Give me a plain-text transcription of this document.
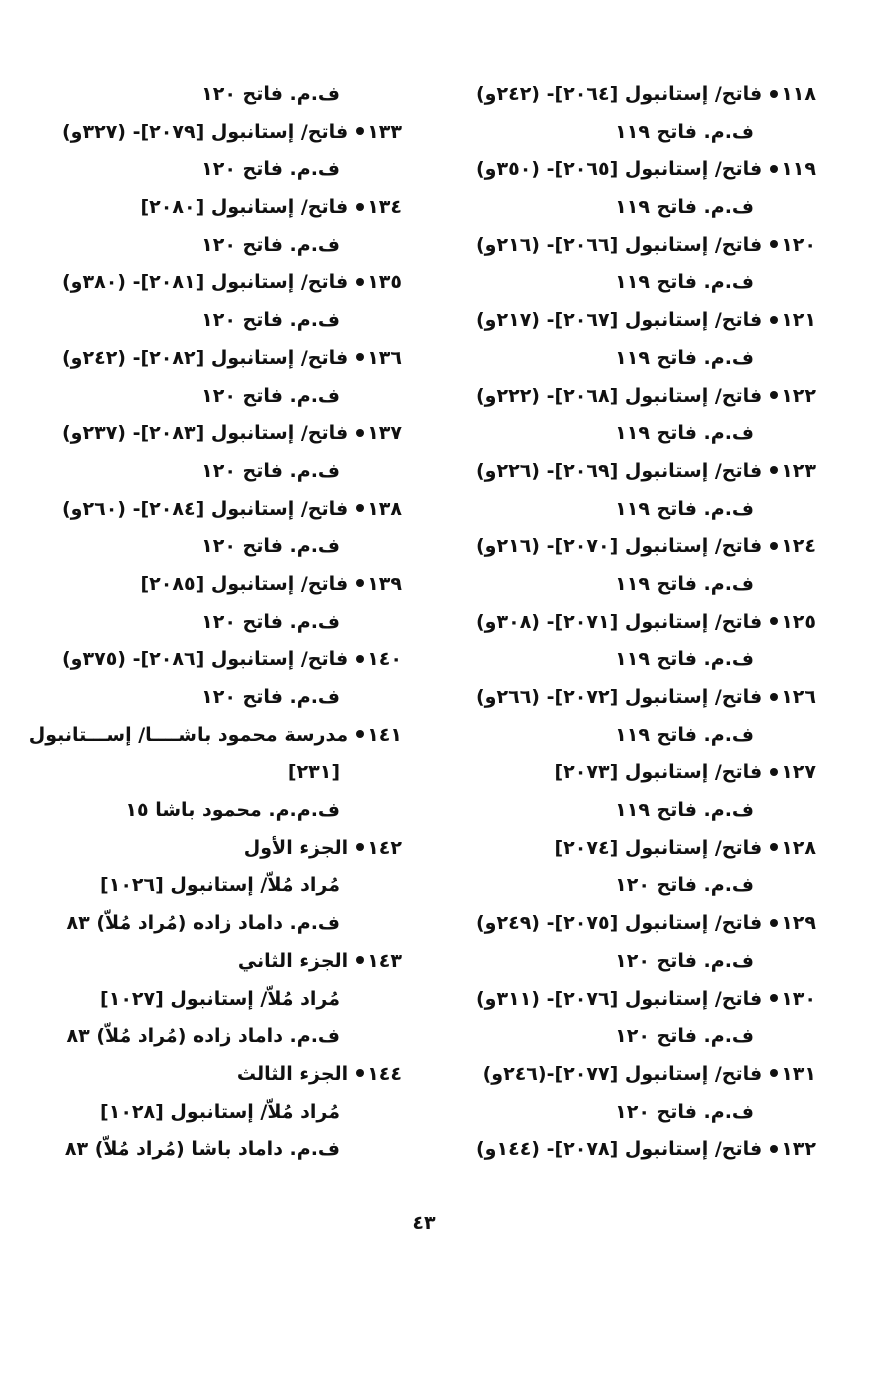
١١٨فاتح/ إستانبول [٢٠٦٤]- (٢٤٢و)
ف.م. فاتح ١١٩
١١٩فاتح/ إستانبول [٢٠٦٥]- (٣٥٠و)
ف.م. فاتح ١١٩
١٢٠فاتح/ إستانبول [٢٠٦٦]- (٢١٦و)
ف.م. فاتح ١١٩
١٢١فاتح/ إستانبول [٢٠٦٧]- (٢١٧و)
ف.م. فاتح ١١٩
١٢٢فاتح/ إستانبول [٢٠٦٨]- (٢٢٢و)
ف.م. فاتح ١١٩
١٢٣فاتح/ إستانبول [٢٠٦٩]- (٢٢٦و)
ف.م. فاتح ١١٩
١٢٤فاتح/ إستانبول [٢٠٧٠]- (٢١٦و)
ف.م. فاتح ١١٩
١٢٥فاتح/ إستانبول [٢٠٧١]- (٣٠٨و)
ف.م. فاتح ١١٩
١٢٦فاتح/ إستانبول [٢٠٧٢]- (٢٦٦و)
ف.م. فاتح ١١٩
١٢٧فاتح/ إستانبول [٢٠٧٣]
ف.م. فاتح ١١٩
١٢٨فاتح/ إستانبول [٢٠٧٤]
ف.م. فاتح ١٢٠
١٢٩فاتح/ إستانبول [٢٠٧٥]- (٢٤٩و)
ف.م. فاتح ١٢٠
١٣٠فاتح/ إستانبول [٢٠٧٦]- (٣١١و)
ف.م. فاتح ١٢٠
١٣١فاتح/ إستانبول [٢٠٧٧]-(٢٤٦و)
ف.م. فاتح ١٢٠
١٣٢فاتح/ إستانبول [٢٠٧٨]- (١٤٤و)
ف.م. فاتح ١٢٠
١٣٣فاتح/ إستانبول [٢٠٧٩]- (٣٢٧و)
ف.م. فاتح ١٢٠
١٣٤فاتح/ إستانبول [٢٠٨٠]
ف.م. فاتح ١٢٠
١٣٥فاتح/ إستانبول [٢٠٨١]- (٣٨٠و)
ف.م. فاتح ١٢٠
١٣٦فاتح/ إستانبول [٢٠٨٢]- (٢٤٢و)
ف.م. فاتح ١٢٠
١٣٧فاتح/ إستانبول [٢٠٨٣]- (٢٣٧و)
ف.م. فاتح ١٢٠
١٣٨فاتح/ إستانبول [٢٠٨٤]- (٢٦٠و)
ف.م. فاتح ١٢٠
١٣٩فاتح/ إستانبول [٢٠٨٥]
ف.م. فاتح ١٢٠
١٤٠فاتح/ إستانبول [٢٠٨٦]- (٣٧٥و)
ف.م. فاتح ١٢٠
١٤١مدرسة محمود باشــــا/ إســـتانبول
[٢٣١]
ف.م.م. محمود باشا ١٥
١٤٢الجزء الأول
مُراد مُلاّ/ إستانبول [١٠٢٦]
ف.م. داماد زاده (مُراد مُلاّ) ٨٣
١٤٣الجزء الثاني
مُراد مُلاّ/ إستانبول [١٠٢٧]
ف.م. داماد زاده (مُراد مُلاّ) ٨٣
١٤٤الجزء الثالث
مُراد مُلاّ/ إستانبول [١٠٢٨]
ف.م. داماد باشا (مُراد مُلاّ) ٨٣
٤٣
